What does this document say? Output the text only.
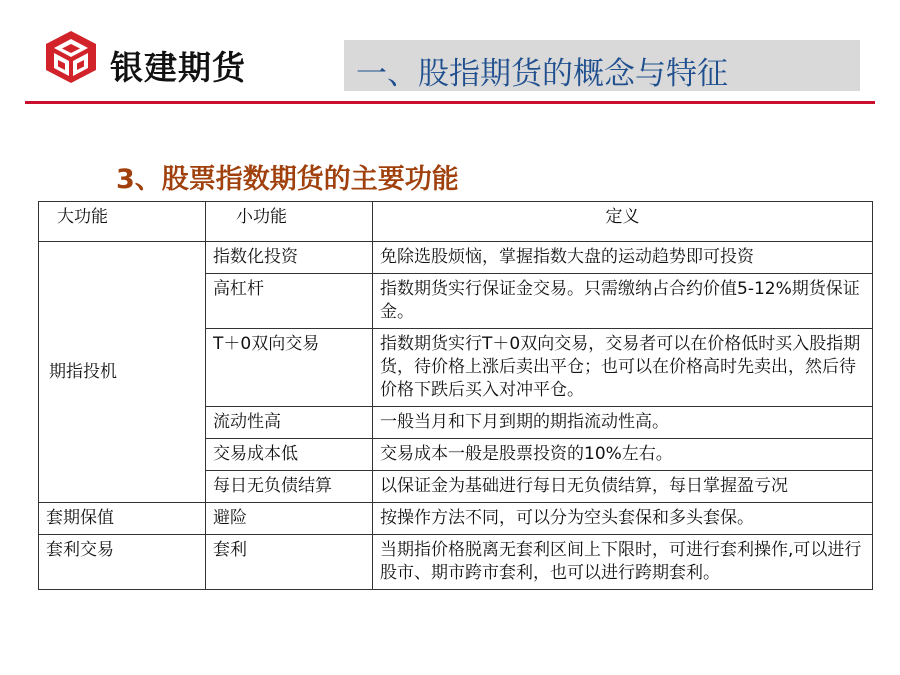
银建期货	一、股指期货的概念与特征
3、股票指数期货的主要功能
大功能	小功能	定义
期指投机	指数化投资	免除选股烦恼，掌握指数大盘的运动趋势即可投资
	高杠杆	指数期货实行保证金交易。只需缴纳占合约价值5-12%期货保证金。
	T＋0双向交易	指数期货实行T＋0双向交易，交易者可以在价格低时买入股指期货，待价格上涨后卖出平仓；也可以在价格高时先卖出，然后待价格下跌后买入对冲平仓。
	流动性高	一般当月和下月到期的期指流动性高。
	交易成本低	交易成本一般是股票投资的10%左右。
	每日无负债结算	以保证金为基础进行每日无负债结算，每日掌握盈亏况
套期保值	避险	按操作方法不同，可以分为空头套保和多头套保。
套利交易	套利	当期指价格脱离无套利区间上下限时，可进行套利操作,可以进行股市、期市跨市套利，也可以进行跨期套利。
